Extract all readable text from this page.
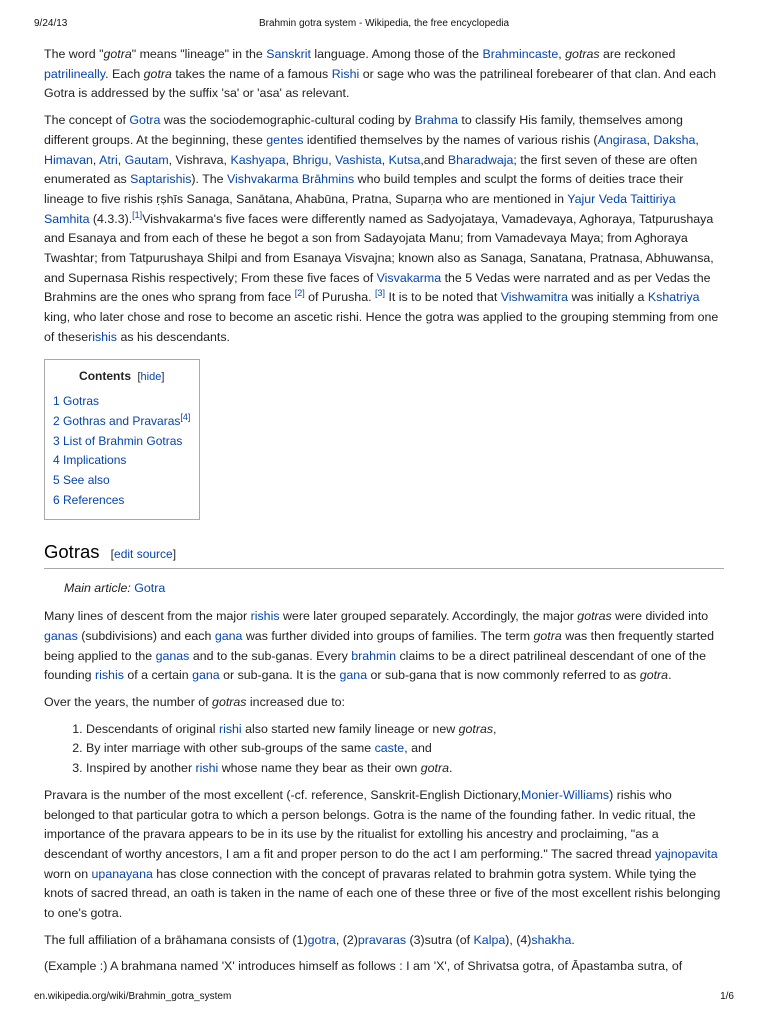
9/24/13	Brahmin gotra system - Wikipedia, the free encyclopedia

The word "gotra" means "lineage" in the Sanskrit language. Among those of the Brahmincaste, gotras are reckoned patrilineally. Each gotra takes the name of a famous Rishi or sage who was the patrilineal forebearer of that clan. And each Gotra is addressed by the suffix 'sa' or 'asa' as relevant.

The concept of Gotra was the sociodemographic-cultural coding by Brahma to classify His family, themselves among different groups. At the beginning, these gentes identified themselves by the names of various rishis (Angirasa, Daksha, Himavan, Atri, Gautam, Vishrava, Kashyapa, Bhrigu, Vashista, Kutsa,and Bharadwaja; the first seven of these are often enumerated as Saptarishis). The Vishvakarma Brāhmins who build temples and sculpt the forms of deities trace their lineage to five rishis ṛṣhīs Sanaga, Sanātana, Ahabūna, Pratna, Suparṇa who are mentioned in Yajur Veda Taittiriya Samhita (4.3.3).[1]Vishvakarma's five faces were differently named as Sadyojataya, Vamadevaya, Aghoraya, Tatpurushaya and Esanaya and from each of these he begot a son from Sadayojata Manu; from Vamadevaya Maya; from Aghoraya Twashtar; from Tatpurushaya Shilpi and from Esanaya Visvajna; known also as Sanaga, Sanatana, Pratnasa, Abhuwansa, and Supernasa Rishis respectively; From these five faces of Visvakarma the 5 Vedas were narrated and as per Vedas the Brahmins are the ones who sprang from face [2] of Purusha. [3] It is to be noted that Vishwamitra was initially a Kshatriya king, who later chose and rose to become an ascetic rishi. Hence the gotra was applied to the grouping stemming from one of theserishis as his descendants.

Contents  [hide]
1 Gotras
2 Gothras and Pravaras[4]
3 List of Brahmin Gotras
4 Implications
5 See also
6 References
Gotras [edit source]
Main article: Gotra

Many lines of descent from the major rishis were later grouped separately. Accordingly, the major gotras were divided into ganas (subdivisions) and each gana was further divided into groups of families. The term gotra was then frequently started being applied to the ganas and to the sub-ganas. Every brahmin claims to be a direct patrilineal descendant of one of the founding rishis of a certain gana or sub-gana. It is the gana or sub-gana that is now commonly referred to as gotra.

Over the years, the number of gotras increased due to:

1. Descendants of original rishi also started new family lineage or new gotras,
2. By inter marriage with other sub-groups of the same caste, and
3. Inspired by another rishi whose name they bear as their own gotra.

Pravara is the number of the most excellent (-cf. reference, Sanskrit-English Dictionary,Monier-Williams) rishis who belonged to that particular gotra to which a person belongs. Gotra is the name of the founding father. In vedic ritual, the importance of the pravara appears to be in its use by the ritualist for extolling his ancestry and proclaiming, "as a descendant of worthy ancestors, I am a fit and proper person to do the act I am performing." The sacred thread yajnopavita worn on upanayana has close connection with the concept of pravaras related to brahmin gotra system. While tying the knots of sacred thread, an oath is taken in the name of each one of these three or five of the most excellent rishis belonging to one's gotra.

The full affiliation of a brāhamana consists of (1)gotra, (2)pravaras (3)sutra (of Kalpa), (4)shakha.

(Example :) A brahmana named 'X' introduces himself as follows : I am 'X', of Shrivatsa gotra, of Āpastamba sutra, of

en.wikipedia.org/wiki/Brahmin_gotra_system	1/6
